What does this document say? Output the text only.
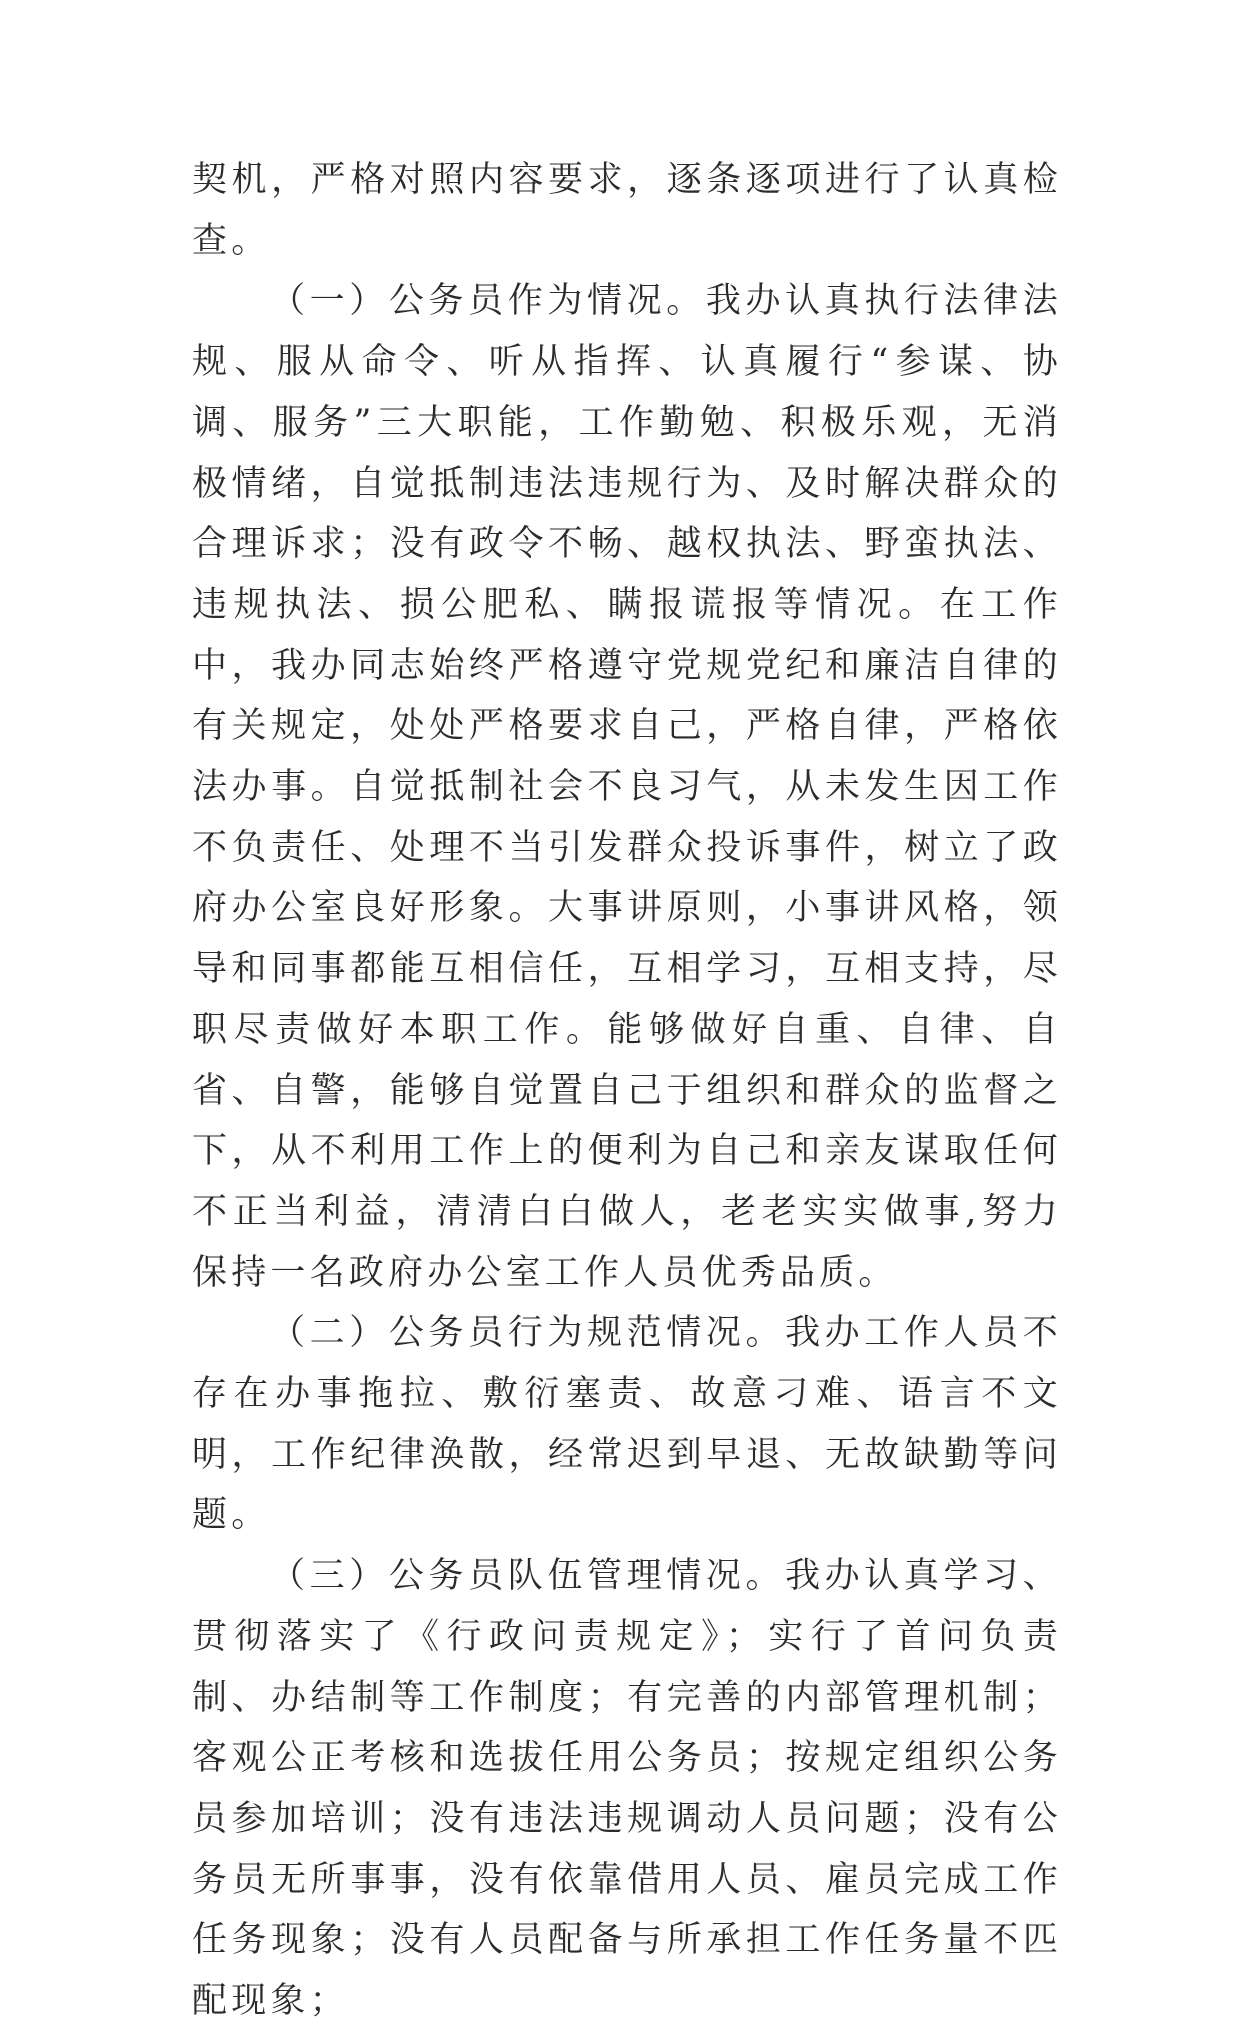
契机，严格对照内容要求，逐条逐项进行了认真检查。

（一）公务员作为情况。我办认真执行法律法规、服从命令、听从指挥、认真履行“参谋、协调、服务”三大职能，工作勤勉、积极乐观，无消极情绪，自觉抵制违法违规行为、及时解决群众的合理诉求；没有政令不畅、越权执法、野蛮执法、违规执法、损公肥私、瞒报谎报等情况。在工作中，我办同志始终严格遵守党规党纪和廉洁自律的有关规定，处处严格要求自己，严格自律，严格依法办事。自觉抵制社会不良习气，从未发生因工作不负责任、处理不当引发群众投诉事件，树立了政府办公室良好形象。大事讲原则，小事讲风格，领导和同事都能互相信任，互相学习，互相支持，尽职尽责做好本职工作。能够做好自重、自律、自省、自警，能够自觉置自己于组织和群众的监督之下，从不利用工作上的便利为自己和亲友谋取任何不正当利益，清清白白做人，老老实实做事,努力保持一名政府办公室工作人员优秀品质。

（二）公务员行为规范情况。我办工作人员不存在办事拖拉、敷衍塞责、故意刁难、语言不文明，工作纪律涣散，经常迟到早退、无故缺勤等问题。

（三）公务员队伍管理情况。我办认真学习、贯彻落实了《行政问责规定》；实行了首问负责制、办结制等工作制度；有完善的内部管理机制；客观公正考核和选拔任用公务员；按规定组织公务员参加培训；没有违法违规调动人员问题；没有公务员无所事事，没有依靠借用人员、雇员完成工作任务现象；没有人员配备与所承担工作任务量不匹配现象；
